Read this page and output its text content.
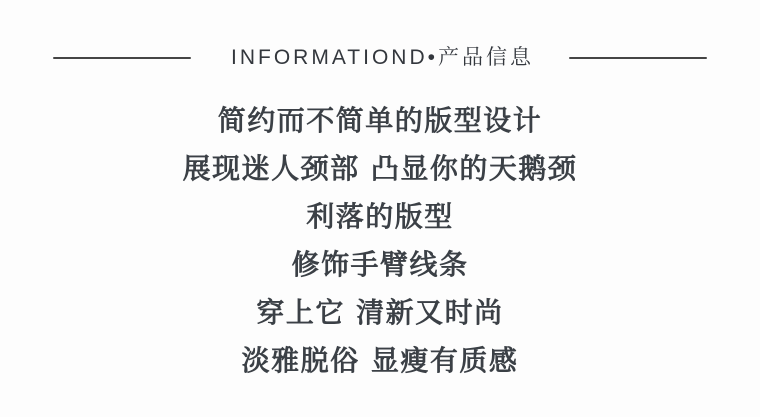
INFORMATIOND•产品信息

简约而不简单的版型设计

展现迷人颈部 凸显你的天鹅颈

利落的版型

修饰手臂线条

穿上它 清新又时尚

淡雅脱俗 显瘦有质感
